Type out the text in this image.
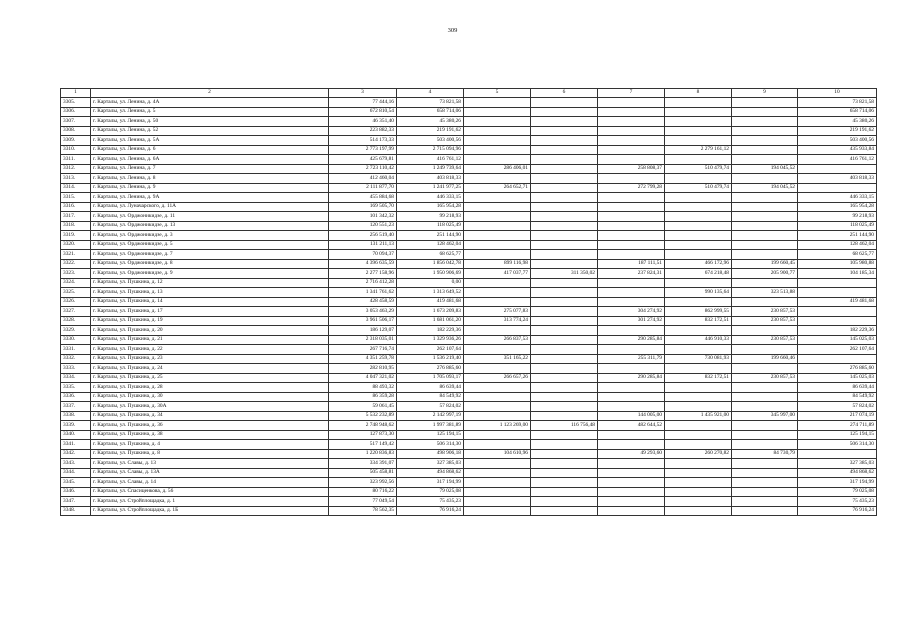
309
1	2	3	4	5	6	7	8	9	10
3305.	г. Карталы, ул. Ленина, д. 4А	77 444,16	73 821,58						73 821,58
3306.	г. Карталы, ул. Ленина, д. 5	672 810,54	658 714,06						658 714,06
3307.	г. Карталы, ул. Ленина, д. 50	46 351,40	45 380,26						45 380,26
3308.	г. Карталы, ул. Ленина, д. 52	223 882,33	219 191,62						219 191,62
3309.	г. Карталы, ул. Ленина, д. 5А	514 173,33	503 400,56						503 400,56
3310.	г. Карталы, ул. Ленина, д. 6	2 773 197,99	2 715 094,96				2 279 161,12		435 933,84
3311.	г. Карталы, ул. Ленина, д. 6А	425 679,81	416 761,12						416 761,12
3312.	г. Карталы, ул. Ленина, д. 7	2 723 110,42	1 249 739,64	286 406,01		258 808,37	510 479,74	194 045,52	
3313.	г. Карталы, ул. Ленина, д. 8	412 460,04	403 818,33						403 818,33
3314.	г. Карталы, ул. Ленина, д. 9	2 111 877,70	1 241 977,25	264 652,71		272 799,28	510 479,74	194 045,52	
3315.	г. Карталы, ул. Ленина, д. 9А	455 884,68	446 333,15						446 333,15
3316.	г. Карталы, ул. Луначарского, д. 11А	169 505,70	165 954,28						165 954,28
3317.	г. Карталы, ул. Орджоникидзе, д. 11	101 342,32	99 218,93						99 218,93
3318.	г. Карталы, ул. Орджоникидзе, д. 13	120 551,23	118 025,49						118 025,49
3319.	г. Карталы, ул. Орджоникидзе, д. 3	256 519,40	251 144,90						251 144,90
3320.	г. Карталы, ул. Орджоникидзе, д. 5	131 211,13	128 462,04						128 462,04
3321.	г. Карталы, ул. Орджоникидзе, д. 7	70 094,37	68 625,77						68 625,77
3322.	г. Карталы, ул. Орджоникидзе, д. 8	4 396 635,59	1 856 042,78	899 116,98		187 111,51	466 172,96	199 660,45	105 980,88
3323.	г. Карталы, ул. Орджоникидзе, д. 9	2 277 158,96	1 950 906,69	417 037,77	311 350,02	237 824,31	674 218,48	205 900,77	104 185,34
3324.	г. Карталы, ул. Пушкина, д. 12	2 716 412,28	0,00						
3325.	г. Карталы, ул. Пушкина, д. 13	1 341 761,62	1 313 649,52				990 135,64	323 513,88	
3326.	г. Карталы, ул. Пушкина, д. 14	428 458,59	419 481,68						419 481,68
3327.	г. Карталы, ул. Пушкина, д. 17	3 053 463,29	1 673 209,83	275 077,83		304 274,92	862 999,55	230 857,53	
3328.	г. Карталы, ул. Пушкина, д. 19	3 961 506,17	1 681 061,20	313 774,24		301 274,92	832 172,51	230 857,53	
3329.	г. Карталы, ул. Пушкина, д. 20	186 129,07	182 229,36						182 229,36
3330.	г. Карталы, ул. Пушкина, д. 21	2 318 035,01	1 329 936,26	266 837,53		290 285,84	446 910,33	230 857,53	145 025,03
3331.	г. Карталы, ул. Пушкина, д. 22	267 716,74	262 107,64						262 107,64
3332.	г. Карталы, ул. Пушкина, д. 23	4 351 259,78	1 536 219,40	351 165,22		255 311,79	730 081,93	199 660,46	
3333.	г. Карталы, ул. Пушкина, д. 24	282 810,95	276 885,60						276 885,60
3334.	г. Карталы, ул. Пушкина, д. 25	4 047 321,02	1 705 093,17	266 657,26		290 285,84	832 172,51	230 857,53	145 025,03
3335.	г. Карталы, ул. Пушкина, д. 28	88 493,32	86 639,44						86 639,44
3336.	г. Карталы, ул. Пушкина, д. 30	86 359,28	84 549,92						84 549,92
3337.	г. Карталы, ул. Пушкина, д. 30А	59 061,45	57 824,02						57 824,02
3338.	г. Карталы, ул. Пушкина, д. 34	5 532 232,89	2 142 997,19			144 005,00	1 435 921,00	345 997,00	217 074,19
3339.	г. Карталы, ул. Пушкина, д. 36	2 748 948,62	1 997 381,89	1 123 269,00	116 756,48	482 644,52			274 711,89
3340.	г. Карталы, ул. Пушкина, д. 38	127 873,30	125 194,15						125 194,15
3341.	г. Карталы, ул. Пушкина, д. 4	517 149,42	506 314,30						506 314,30
3342.	г. Карталы, ул. Пушкина, д. 8	1 220 836,83	498 906,18	104 610,96		49 293,60	260 270,82	84 730,79	
3343.	г. Карталы, ул. Славы, д. 13	334 391,07	327 385,03						327 385,03
3344.	г. Карталы, ул. Славы, д. 13А	505 458,81	494 868,62						494 868,62
3345.	г. Карталы, ул. Славы, д. 14	323 992,56	317 194,99						317 194,99
3346.	г. Карталы, ул. Спасиценкова, д. 56	80 716,22	79 025,08						79 025,08
3347.	г. Карталы, ул. Стройплощадка, д. 1	77 049,54	75 435,23						75 435,23
3348.	г. Карталы, ул. Стройплощадка, д. 1Б	78 562,35	76 916,24						76 916,24
